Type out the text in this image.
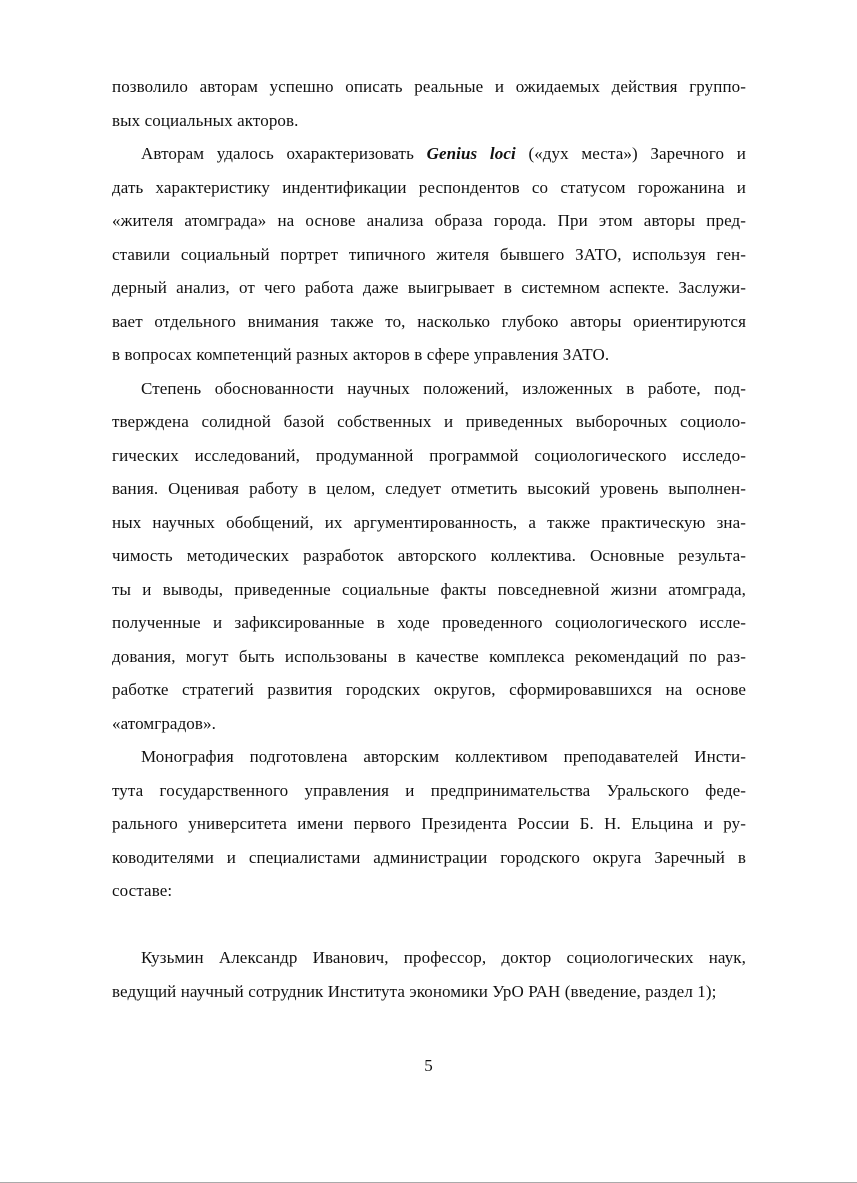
позволило авторам успешно описать реальные и ожидаемых действия группо-
вых социальных акторов.
Авторам удалось охарактеризовать Genius loci («дух места») Заречного и
дать характеристику индентификации респондентов со статусом горожанина и
«жителя атомграда» на основе анализа образа города. При этом авторы пред-
ставили социальный портрет типичного жителя бывшего ЗАТО, используя ген-
дерный анализ, от чего работа даже выигрывает в системном аспекте. Заслужи-
вает отдельного внимания также то, насколько глубоко авторы ориентируются
в вопросах компетенций разных акторов в сфере управления ЗАТО.
Степень обоснованности научных положений, изложенных в работе, под-
тверждена солидной базой собственных и приведенных выборочных социоло-
гических исследований, продуманной программой социологического исследо-
вания. Оценивая работу в целом, следует отметить высокий уровень выполнен-
ных научных обобщений, их аргументированность, а также практическую зна-
чимость методических разработок авторского коллектива. Основные результа-
ты и выводы, приведенные социальные факты повседневной жизни атомграда,
полученные и зафиксированные в ходе проведенного социологического иссле-
дования, могут быть использованы в качестве комплекса рекомендаций по раз-
работке стратегий развития городских округов, сформировавшихся на основе
«атомградов».
Монография подготовлена авторским коллективом преподавателей Инсти-
тута государственного управления и предпринимательства Уральского феде-
рального университета имени первого Президента России Б. Н. Ельцина и ру-
ководителями и специалистами администрации городского округа Заречный в
составе:
Кузьмин Александр Иванович, профессор, доктор социологических наук,
ведущий научный сотрудник Института экономики УрО РАН (введение, раздел 1);
5
